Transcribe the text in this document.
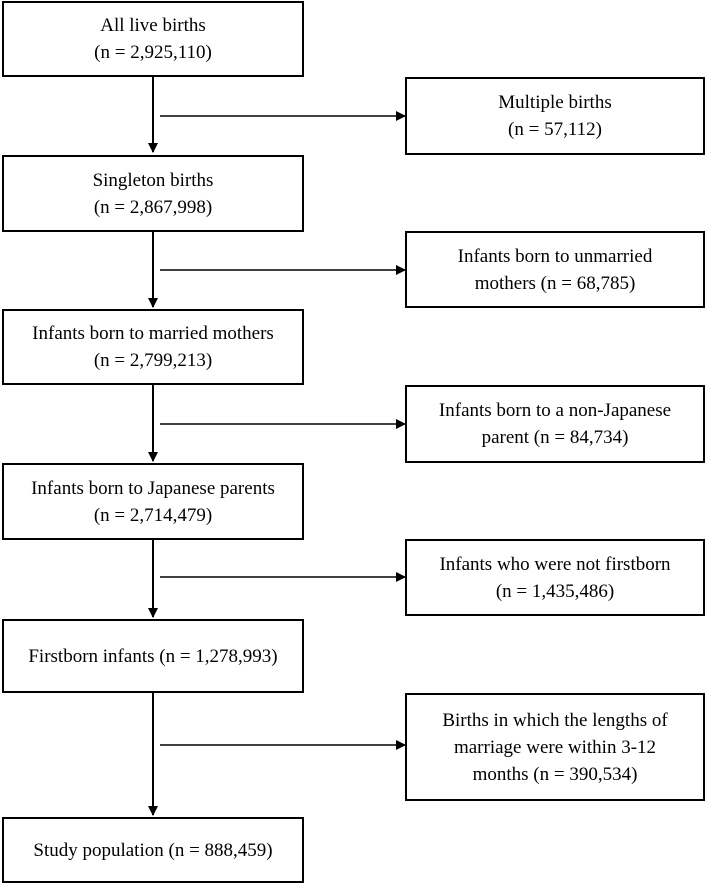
All live births
(n = 2,925,110)
Singleton births
(n = 2,867,998)
Infants born to married mothers
(n = 2,799,213)
Infants born to Japanese parents
(n = 2,714,479)
Firstborn infants (n = 1,278,993)
Study population (n = 888,459)
Multiple births
(n = 57,112)
Infants born to unmarried
mothers (n = 68,785)
Infants born to a non-Japanese
parent (n = 84,734)
Infants who were not firstborn
(n = 1,435,486)
Births in which the lengths of
marriage were within 3-12
months (n = 390,534)
